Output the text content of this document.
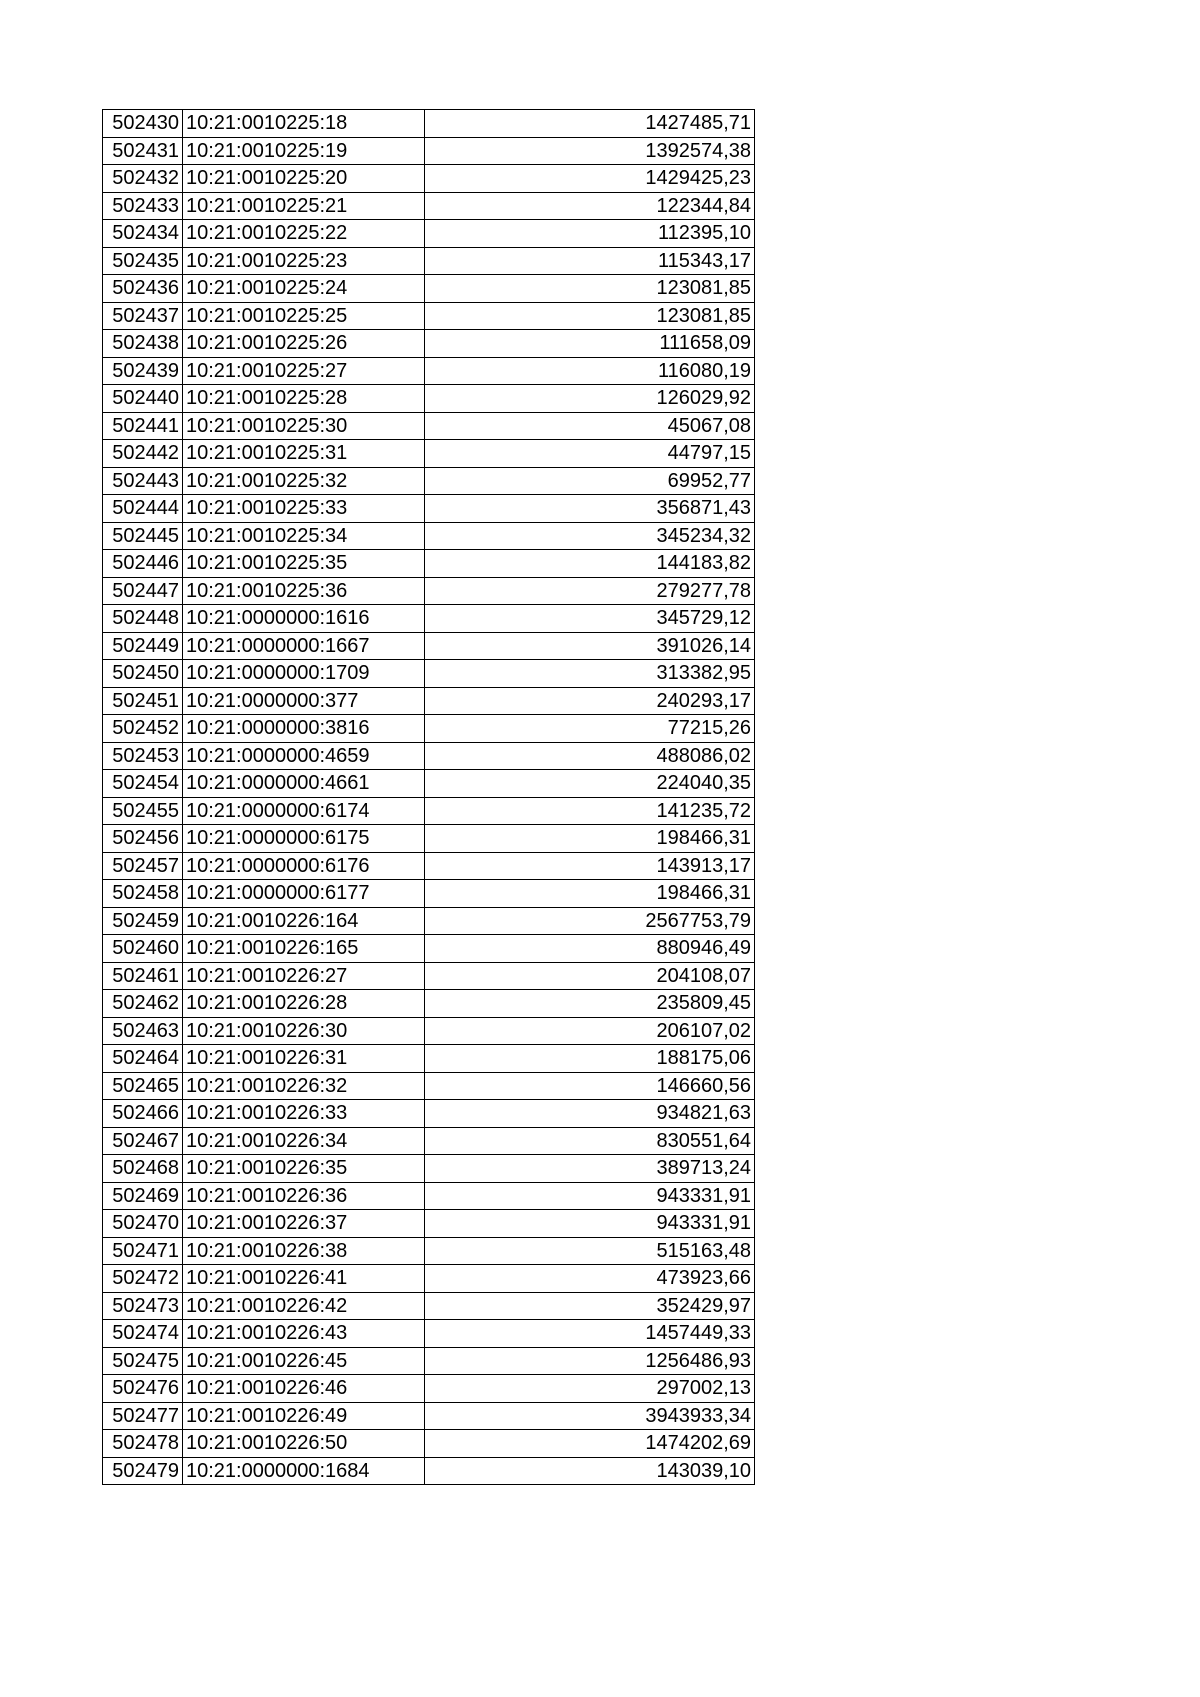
502430	10:21:0010225:18	1427485,71
502431	10:21:0010225:19	1392574,38
502432	10:21:0010225:20	1429425,23
502433	10:21:0010225:21	122344,84
502434	10:21:0010225:22	112395,10
502435	10:21:0010225:23	115343,17
502436	10:21:0010225:24	123081,85
502437	10:21:0010225:25	123081,85
502438	10:21:0010225:26	111658,09
502439	10:21:0010225:27	116080,19
502440	10:21:0010225:28	126029,92
502441	10:21:0010225:30	45067,08
502442	10:21:0010225:31	44797,15
502443	10:21:0010225:32	69952,77
502444	10:21:0010225:33	356871,43
502445	10:21:0010225:34	345234,32
502446	10:21:0010225:35	144183,82
502447	10:21:0010225:36	279277,78
502448	10:21:0000000:1616	345729,12
502449	10:21:0000000:1667	391026,14
502450	10:21:0000000:1709	313382,95
502451	10:21:0000000:377	240293,17
502452	10:21:0000000:3816	77215,26
502453	10:21:0000000:4659	488086,02
502454	10:21:0000000:4661	224040,35
502455	10:21:0000000:6174	141235,72
502456	10:21:0000000:6175	198466,31
502457	10:21:0000000:6176	143913,17
502458	10:21:0000000:6177	198466,31
502459	10:21:0010226:164	2567753,79
502460	10:21:0010226:165	880946,49
502461	10:21:0010226:27	204108,07
502462	10:21:0010226:28	235809,45
502463	10:21:0010226:30	206107,02
502464	10:21:0010226:31	188175,06
502465	10:21:0010226:32	146660,56
502466	10:21:0010226:33	934821,63
502467	10:21:0010226:34	830551,64
502468	10:21:0010226:35	389713,24
502469	10:21:0010226:36	943331,91
502470	10:21:0010226:37	943331,91
502471	10:21:0010226:38	515163,48
502472	10:21:0010226:41	473923,66
502473	10:21:0010226:42	352429,97
502474	10:21:0010226:43	1457449,33
502475	10:21:0010226:45	1256486,93
502476	10:21:0010226:46	297002,13
502477	10:21:0010226:49	3943933,34
502478	10:21:0010226:50	1474202,69
502479	10:21:0000000:1684	143039,10
